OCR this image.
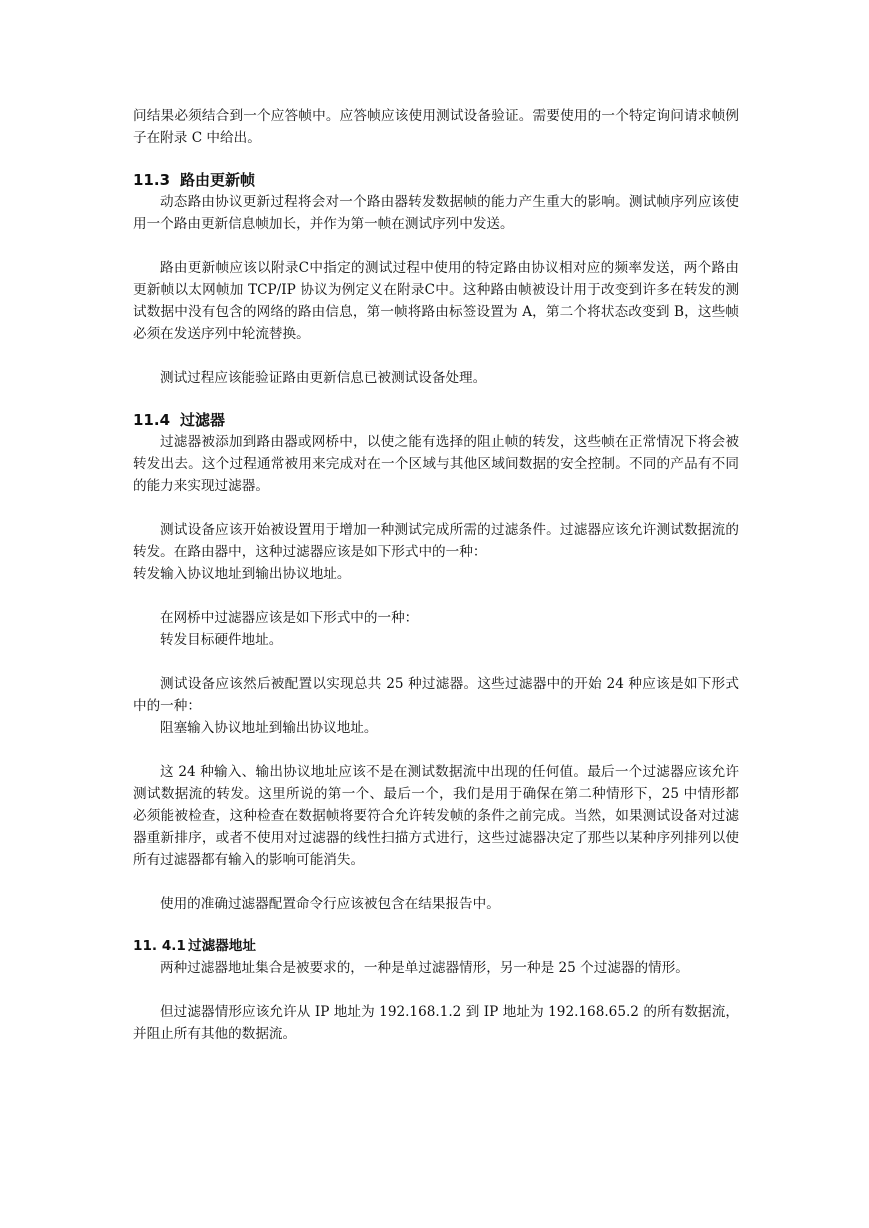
问结果必须结合到一个应答帧中。应答帧应该使用测试设备验证。需要使用的一个特定询问请求帧例子在附录 C 中给出。

11.3 路由更新帧

动态路由协议更新过程将会对一个路由器转发数据帧的能力产生重大的影响。测试帧序列应该使用一个路由更新信息帧加长，并作为第一帧在测试序列中发送。

路由更新帧应该以附录C中指定的测试过程中使用的特定路由协议相对应的频率发送，两个路由更新帧以太网帧加 TCP/IP 协议为例定义在附录C中。这种路由帧被设计用于改变到许多在转发的测试数据中没有包含的网络的路由信息，第一帧将路由标签设置为 A，第二个将状态改变到 B，这些帧必须在发送序列中轮流替换。

测试过程应该能验证路由更新信息已被测试设备处理。

11.4 过滤器

过滤器被添加到路由器或网桥中，以使之能有选择的阻止帧的转发，这些帧在正常情况下将会被转发出去。这个过程通常被用来完成对在一个区域与其他区域间数据的安全控制。不同的产品有不同的能力来实现过滤器。

测试设备应该开始被设置用于增加一种测试完成所需的过滤条件。过滤器应该允许测试数据流的转发。在路由器中，这种过滤器应该是如下形式中的一种：

转发输入协议地址到输出协议地址。

在网桥中过滤器应该是如下形式中的一种：

转发目标硬件地址。

测试设备应该然后被配置以实现总共 25 种过滤器。这些过滤器中的开始 24 种应该是如下形式中的一种：

阻塞输入协议地址到输出协议地址。

这 24 种输入、输出协议地址应该不是在测试数据流中出现的任何值。最后一个过滤器应该允许测试数据流的转发。这里所说的第一个、最后一个，我们是用于确保在第二种情形下，25 中情形都必须能被检查，这种检查在数据帧将要符合允许转发帧的条件之前完成。当然，如果测试设备对过滤器重新排序，或者不使用对过滤器的线性扫描方式进行，这些过滤器决定了那些以某种序列排列以使所有过滤器都有输入的影响可能消失。

使用的准确过滤器配置命令行应该被包含在结果报告中。

11. 4.1 过滤器地址

两种过滤器地址集合是被要求的，一种是单过滤器情形，另一种是 25 个过滤器的情形。

但过滤器情形应该允许从 IP 地址为 192.168.1.2 到 IP 地址为 192.168.65.2 的所有数据流，并阻止所有其他的数据流。
